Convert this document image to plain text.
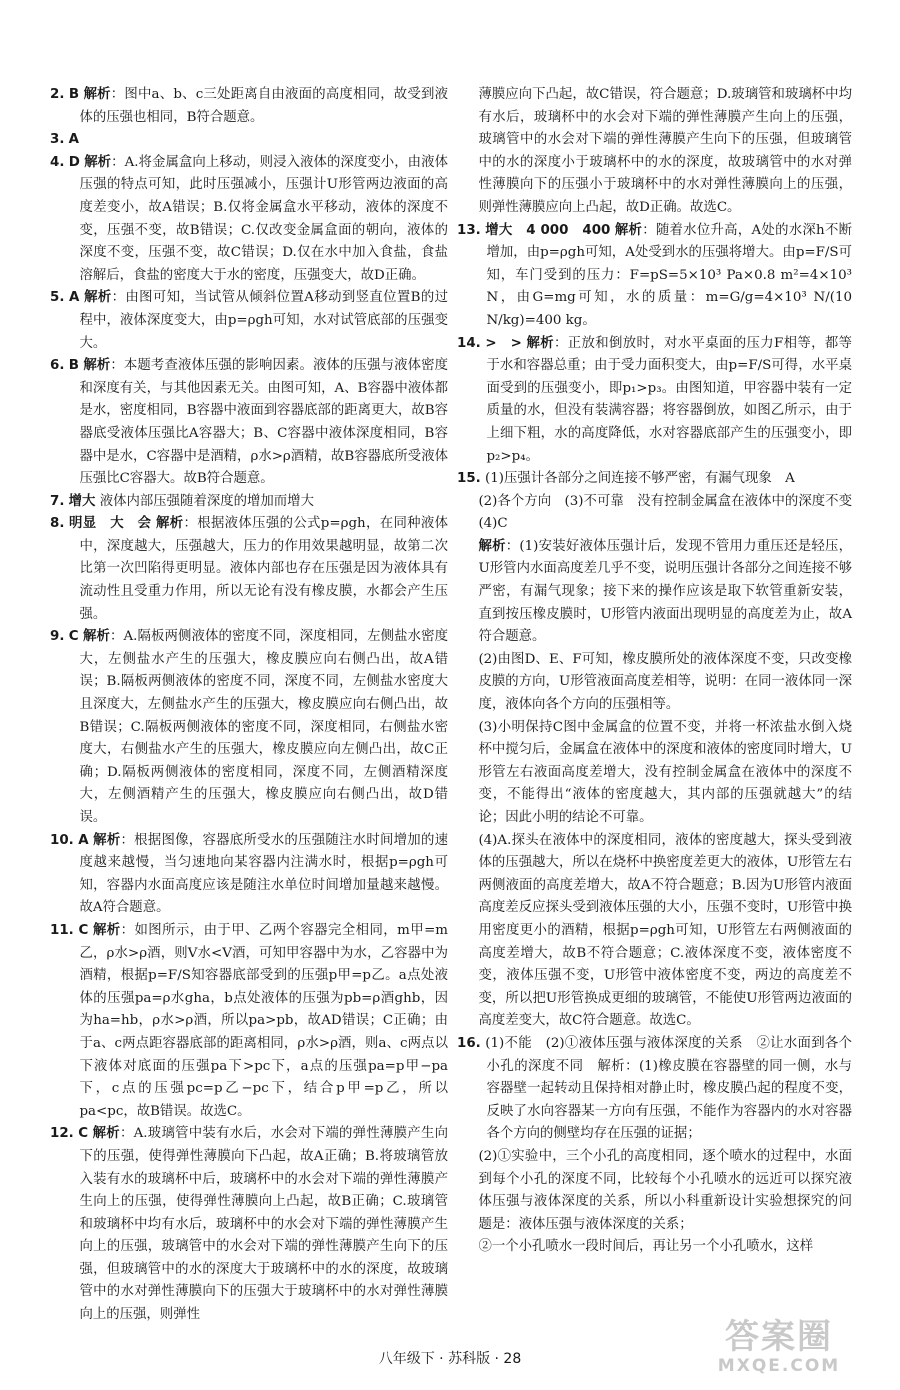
2. B 解析：图中a、b、c三处距离自由液面的高度相同，故受到液体的压强也相同，B符合题意。

3. A

4. D 解析：A.将金属盒向上移动，则浸入液体的深度变小，由液体压强的特点可知，此时压强减小，压强计U形管两边液面的高度差变小，故A错误；B.仅将金属盒水平移动，液体的深度不变，压强不变，故B错误；C.仅改变金属盒面的朝向，液体的深度不变，压强不变，故C错误；D.仅在水中加入食盐，食盐溶解后，食盐的密度大于水的密度，压强变大，故D正确。

5. A 解析：由图可知，当试管从倾斜位置A移动到竖直位置B的过程中，液体深度变大，由p=ρgh可知，水对试管底部的压强变大。

6. B 解析：本题考查液体压强的影响因素。液体的压强与液体密度和深度有关，与其他因素无关。由图可知，A、B容器中液体都是水，密度相同，B容器中液面到容器底部的距离更大，故B容器底受液体压强比A容器大；B、C容器中液体深度相同，B容器中是水，C容器中是酒精，ρ水>ρ酒精，故B容器底所受液体压强比C容器大。故B符合题意。

7. 增大 液体内部压强随着深度的增加而增大

8. 明显　大　会 解析：根据液体压强的公式p=ρgh，在同种液体中，深度越大，压强越大，压力的作用效果越明显，故第二次比第一次凹陷得更明显。液体内部也存在压强是因为液体具有流动性且受重力作用，所以无论有没有橡皮膜，水都会产生压强。

9. C 解析：A.隔板两侧液体的密度不同，深度相同，左侧盐水密度大，左侧盐水产生的压强大，橡皮膜应向右侧凸出，故A错误；B.隔板两侧液体的密度不同，深度不同，左侧盐水密度大且深度大，左侧盐水产生的压强大，橡皮膜应向右侧凸出，故B错误；C.隔板两侧液体的密度不同，深度相同，右侧盐水密度大，右侧盐水产生的压强大，橡皮膜应向左侧凸出，故C正确；D.隔板两侧液体的密度相同，深度不同，左侧酒精深度大，左侧酒精产生的压强大，橡皮膜应向右侧凸出，故D错误。

10. A 解析：根据图像，容器底所受水的压强随注水时间增加的速度越来越慢，当匀速地向某容器内注满水时，根据p=ρgh可知，容器内水面高度应该是随注水单位时间增加量越来越慢。故A符合题意。

11. C 解析：如图所示，由于甲、乙两个容器完全相同，m甲=m乙，ρ水>ρ酒，则V水<V酒，可知甲容器中为水，乙容器中为酒精，根据p=F/S知容器底部受到的压强p甲=p乙。a点处液体的压强pa=ρ水gha，b点处液体的压强为pb=ρ酒ghb，因为ha=hb，ρ水>ρ酒，所以pa>pb，故AD错误；C正确；由于a、c两点距容器底部的距离相同，ρ水>ρ酒，则a、c两点以下液体对底面的压强pa下>pc下，a点的压强pa=p甲−pa下，c点的压强pc=p乙−pc下，结合p甲=p乙，所以pa<pc，故B错误。故选C。

12. C 解析：A.玻璃管中装有水后，水会对下端的弹性薄膜产生向下的压强，使得弹性薄膜向下凸起，故A正确；B.将玻璃管放入装有水的玻璃杯中后，玻璃杯中的水会对下端的弹性薄膜产生向上的压强，使得弹性薄膜向上凸起，故B正确；C.玻璃管和玻璃杯中均有水后，玻璃杯中的水会对下端的弹性薄膜产生向上的压强，玻璃管中的水会对下端的弹性薄膜产生向下的压强，但玻璃管中的水的深度大于玻璃杯中的水的深度，故玻璃管中的水对弹性薄膜向下的压强大于玻璃杯中的水对弹性薄膜向上的压强，则弹性

薄膜应向下凸起，故C错误，符合题意；D.玻璃管和玻璃杯中均有水后，玻璃杯中的水会对下端的弹性薄膜产生向上的压强，玻璃管中的水会对下端的弹性薄膜产生向下的压强，但玻璃管中的水的深度小于玻璃杯中的水的深度，故玻璃管中的水对弹性薄膜向下的压强小于玻璃杯中的水对弹性薄膜向上的压强，则弹性薄膜应向上凸起，故D正确。故选C。

13. 增大　4 000　400 解析：随着水位升高，A处的水深h不断增加，由p=ρgh可知，A处受到水的压强将增大。由p=F/S可知，车门受到的压力：F=pS=5×10³ Pa×0.8 m²=4×10³ N，由G=mg可知，水的质量：m=G/g=4×10³ N/(10 N/kg)=400 kg。

14. >　> 解析：正放和倒放时，对水平桌面的压力F相等，都等于水和容器总重；由于受力面积变大，由p=F/S可得，水平桌面受到的压强变小，即p₁>p₃。由图知道，甲容器中装有一定质量的水，但没有装满容器；将容器倒放，如图乙所示，由于上细下粗，水的高度降低，水对容器底部产生的压强变小，即p₂>p₄。

15. (1)压强计各部分之间连接不够严密，有漏气现象　A

(2)各个方向　(3)不可靠　没有控制金属盒在液体中的深度不变　(4)C

解析：(1)安装好液体压强计后，发现不管用力重压还是轻压，U形管内水面高度差几乎不变，说明压强计各部分之间连接不够严密，有漏气现象；接下来的操作应该是取下软管重新安装，直到按压橡皮膜时，U形管内液面出现明显的高度差为止，故A符合题意。

(2)由图D、E、F可知，橡皮膜所处的液体深度不变，只改变橡皮膜的方向，U形管液面高度差相等，说明：在同一液体同一深度，液体向各个方向的压强相等。

(3)小明保持C图中金属盒的位置不变，并将一杯浓盐水倒入烧杯中搅匀后，金属盒在液体中的深度和液体的密度同时增大，U形管左右液面高度差增大，没有控制金属盒在液体中的深度不变，不能得出“液体的密度越大，其内部的压强就越大”的结论；因此小明的结论不可靠。

(4)A.探头在液体中的深度相同，液体的密度越大，探头受到液体的压强越大，所以在烧杯中换密度差更大的液体，U形管左右两侧液面的高度差增大，故A不符合题意；B.因为U形管内液面高度差反应探头受到液体压强的大小，压强不变时，U形管中换用密度更小的酒精，根据p=ρgh可知，U形管左右两侧液面的高度差增大，故B不符合题意；C.液体深度不变，液体密度不变，液体压强不变，U形管中液体密度不变，两边的高度差不变，所以把U形管换成更细的玻璃管，不能使U形管两边液面的高度差变大，故C符合题意。故选C。

16. (1)不能　(2)①液体压强与液体深度的关系　②让水面到各个小孔的深度不同　解析：(1)橡皮膜在容器壁的同一侧，水与容器壁一起转动且保持相对静止时，橡皮膜凸起的程度不变，反映了水向容器某一方向有压强，不能作为容器内的水对容器各个方向的侧壁均存在压强的证据；

(2)①实验中，三个小孔的高度相同，逐个喷水的过程中，水面到每个小孔的深度不同，比较每个小孔喷水的远近可以探究液体压强与液体深度的关系，所以小科重新设计实验想探究的问题是：液体压强与液体深度的关系；

②一个小孔喷水一段时间后，再让另一个小孔喷水，这样

八年级下 · 苏科版 · 28
答案圈
MXQE.COM
